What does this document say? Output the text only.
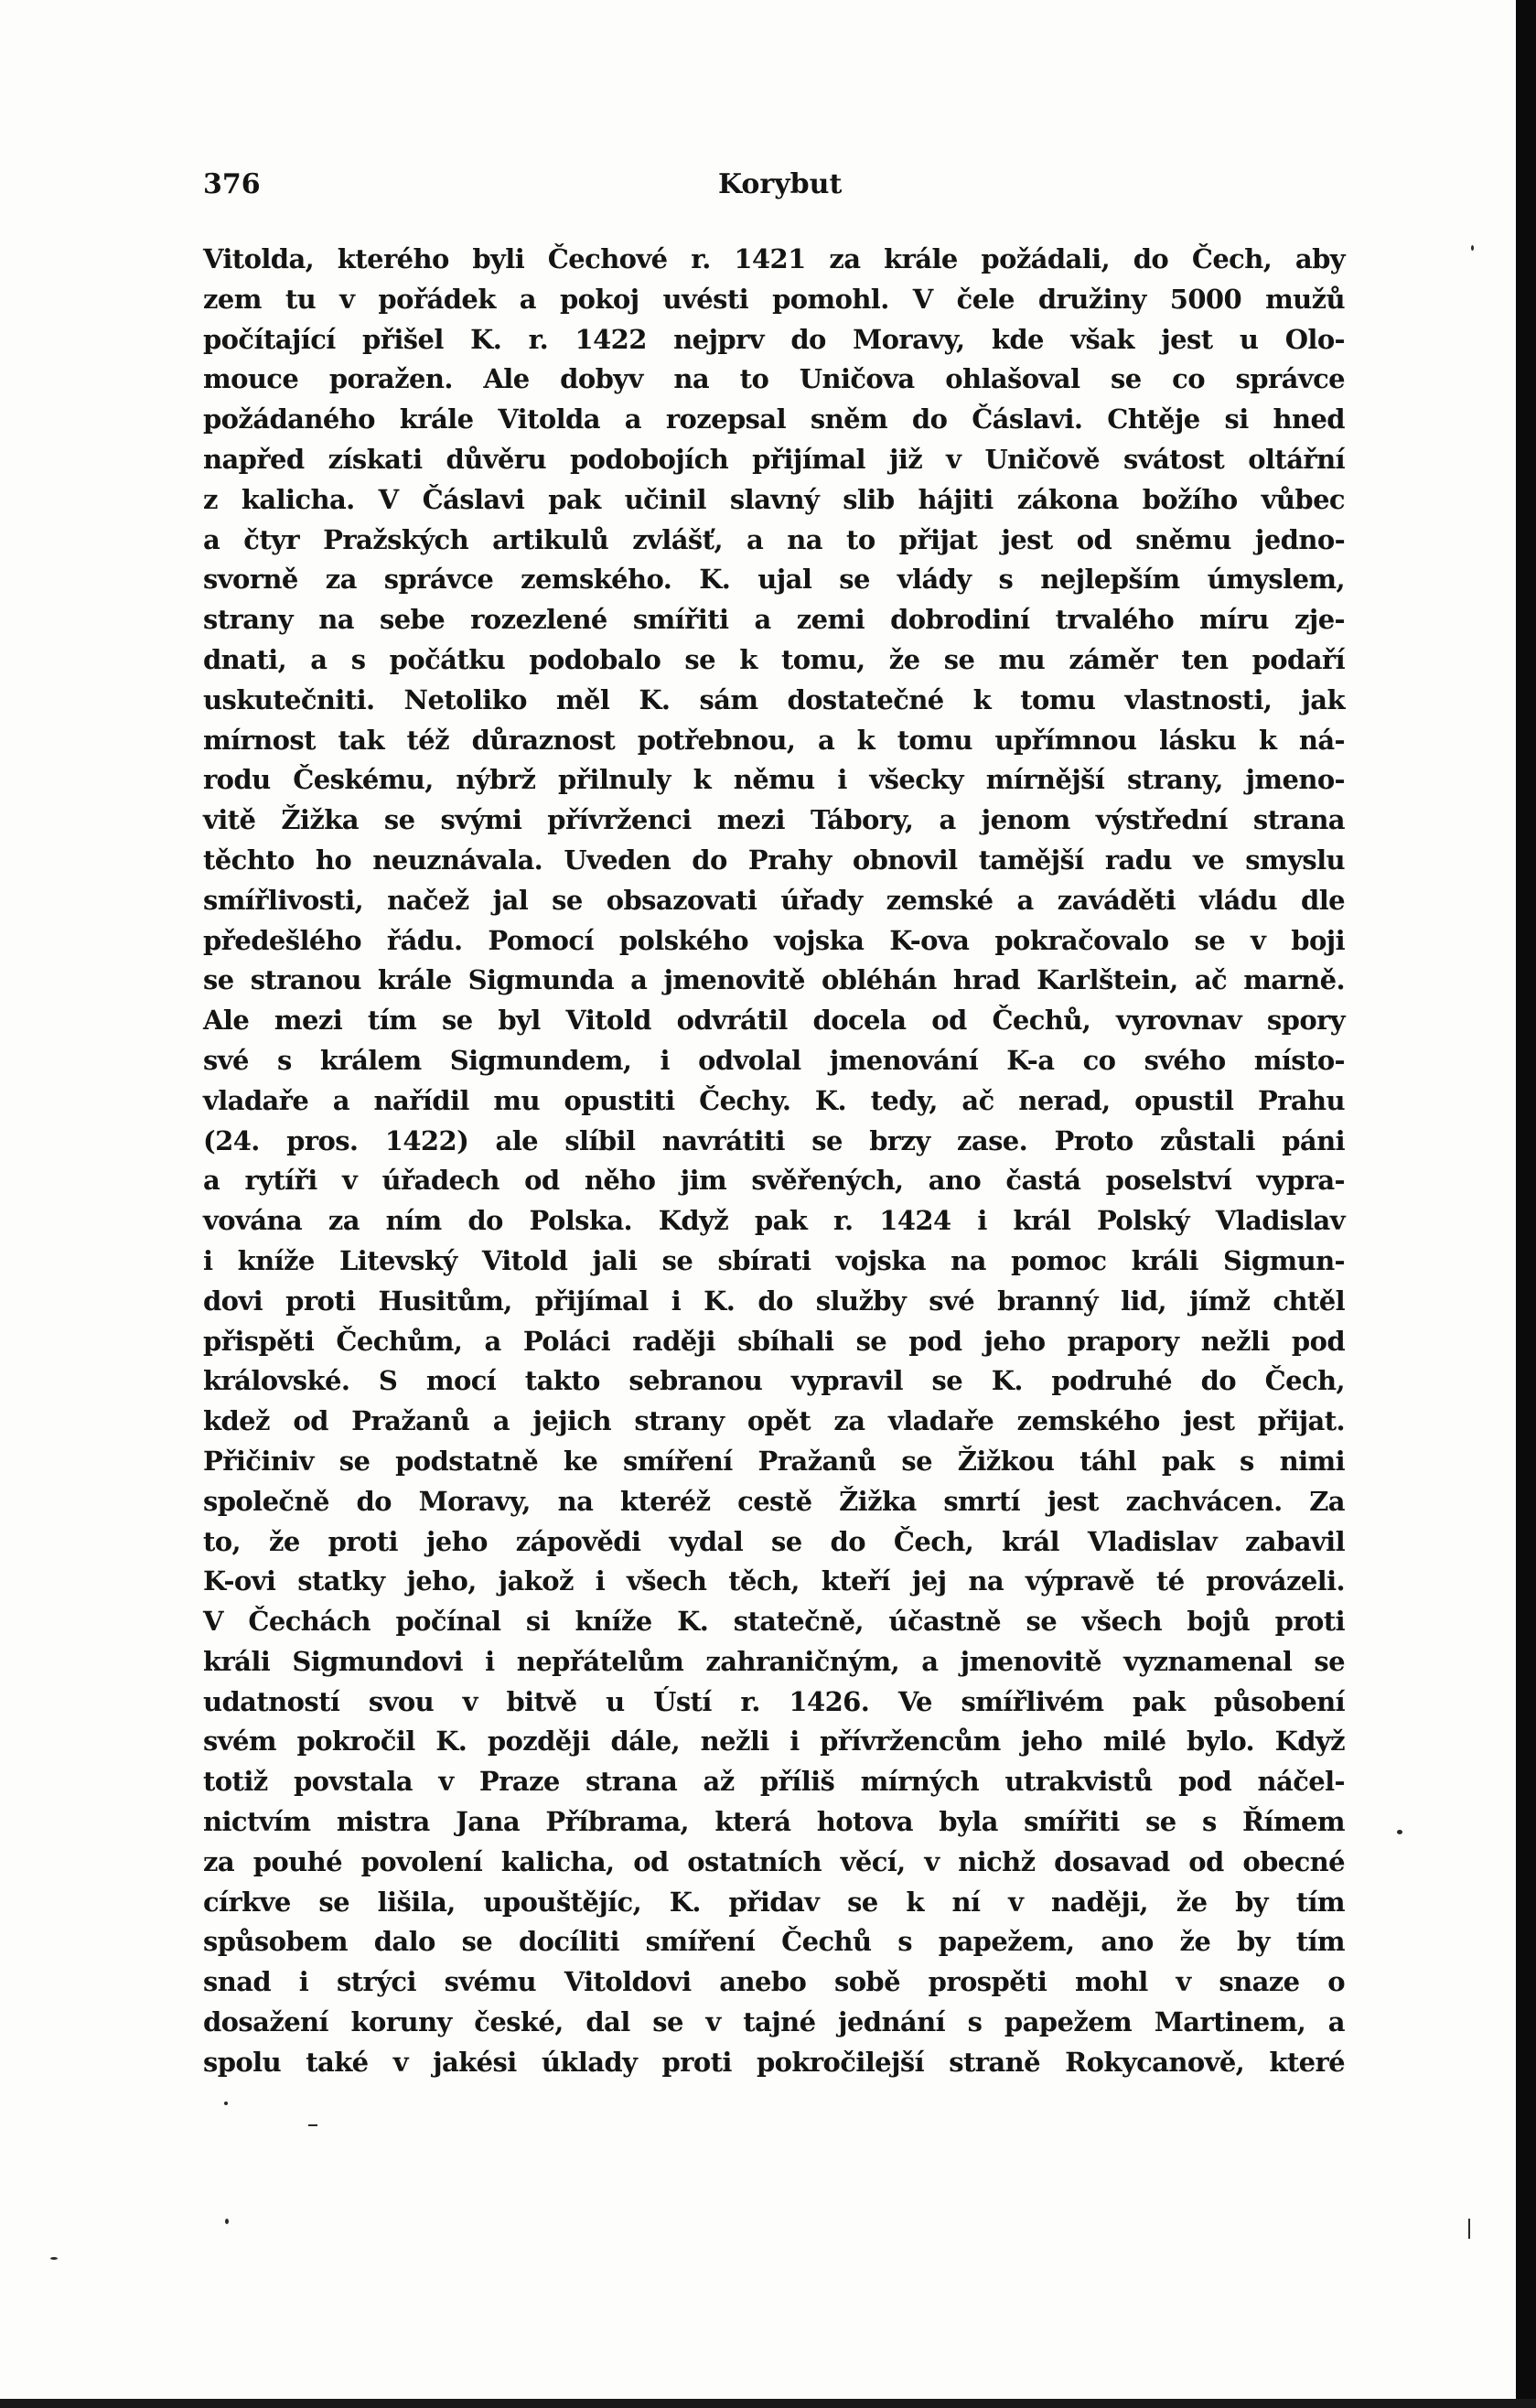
376	Korybut
Vitolda, kterého byli Čechové r. 1421 za krále požádali, do Čech, aby
zem tu v pořádek a pokoj uvésti pomohl. V čele družiny 5000 mužů
počítající přišel K. r. 1422 nejprv do Moravy, kde však jest u Olo-
mouce poražen. Ale dobyv na to Uničova ohlašoval se co správce
požádaného krále Vitolda a rozepsal sněm do Čáslavi. Chtěje si hned
napřed získati důvěru podobojích přijímal již v Uničově svátost oltářní
z kalicha. V Čáslavi pak učinil slavný slib hájiti zákona božího vůbec
a čtyr Pražských artikulů zvlášť, a na to přijat jest od sněmu jedno-
svorně za správce zemského. K. ujal se vlády s nejlepším úmyslem,
strany na sebe rozezlené smířiti a zemi dobrodiní trvalého míru zje-
dnati, a s počátku podobalo se k tomu, že se mu záměr ten podaří
uskutečniti. Netoliko měl K. sám dostatečné k tomu vlastnosti, jak
mírnost tak též důraznost potřebnou, a k tomu upřímnou lásku k ná-
rodu Českému, nýbrž přilnuly k němu i všecky mírnější strany, jmeno-
vitě Žižka se svými přívrženci mezi Tábory, a jenom výstřední strana
těchto ho neuznávala. Uveden do Prahy obnovil tamější radu ve smyslu
smířlivosti, načež jal se obsazovati úřady zemské a zaváděti vládu dle
předešlého řádu. Pomocí polského vojska K-ova pokračovalo se v boji
se stranou krále Sigmunda a jmenovitě obléhán hrad Karlštein, ač marně.
Ale mezi tím se byl Vitold odvrátil docela od Čechů, vyrovnav spory
své s králem Sigmundem, i odvolal jmenování K-a co svého místo-
vladaře a nařídil mu opustiti Čechy. K. tedy, ač nerad, opustil Prahu
(24. pros. 1422) ale slíbil navrátiti se brzy zase. Proto zůstali páni
a rytíři v úřadech od něho jim svěřených, ano častá poselství vypra-
vována za ním do Polska. Když pak r. 1424 i král Polský Vladislav
i kníže Litevský Vitold jali se sbírati vojska na pomoc králi Sigmun-
dovi proti Husitům, přijímal i K. do služby své branný lid, jímž chtěl
přispěti Čechům, a Poláci raději sbíhali se pod jeho prapory nežli pod
královské. S mocí takto sebranou vypravil se K. podruhé do Čech,
kdež od Pražanů a jejich strany opět za vladaře zemského jest přijat.
Přičiniv se podstatně ke smíření Pražanů se Žižkou táhl pak s nimi
společně do Moravy, na kteréž cestě Žižka smrtí jest zachvácen. Za
to, že proti jeho zápovědi vydal se do Čech, král Vladislav zabavil
K-ovi statky jeho, jakož i všech těch, kteří jej na výpravě té provázeli.
V Čechách počínal si kníže K. statečně, účastně se všech bojů proti
králi Sigmundovi i nepřátelům zahraničným, a jmenovitě vyznamenal se
udatností svou v bitvě u Ústí r. 1426. Ve smířlivém pak působení
svém pokročil K. později dále, nežli i přívržencům jeho milé bylo. Když
totiž povstala v Praze strana až příliš mírných utrakvistů pod náčel-
nictvím mistra Jana Příbrama, která hotova byla smířiti se s Římem
za pouhé povolení kalicha, od ostatních věcí, v nichž dosavad od obecné
církve se lišila, upouštějíc, K. přidav se k ní v naději, že by tím
spůsobem dalo se docíliti smíření Čechů s papežem, ano že by tím
snad i strýci svému Vitoldovi anebo sobě prospěti mohl v snaze o
dosažení koruny české, dal se v tajné jednání s papežem Martinem, a
spolu také v jakési úklady proti pokročilejší straně Rokycanově, které
